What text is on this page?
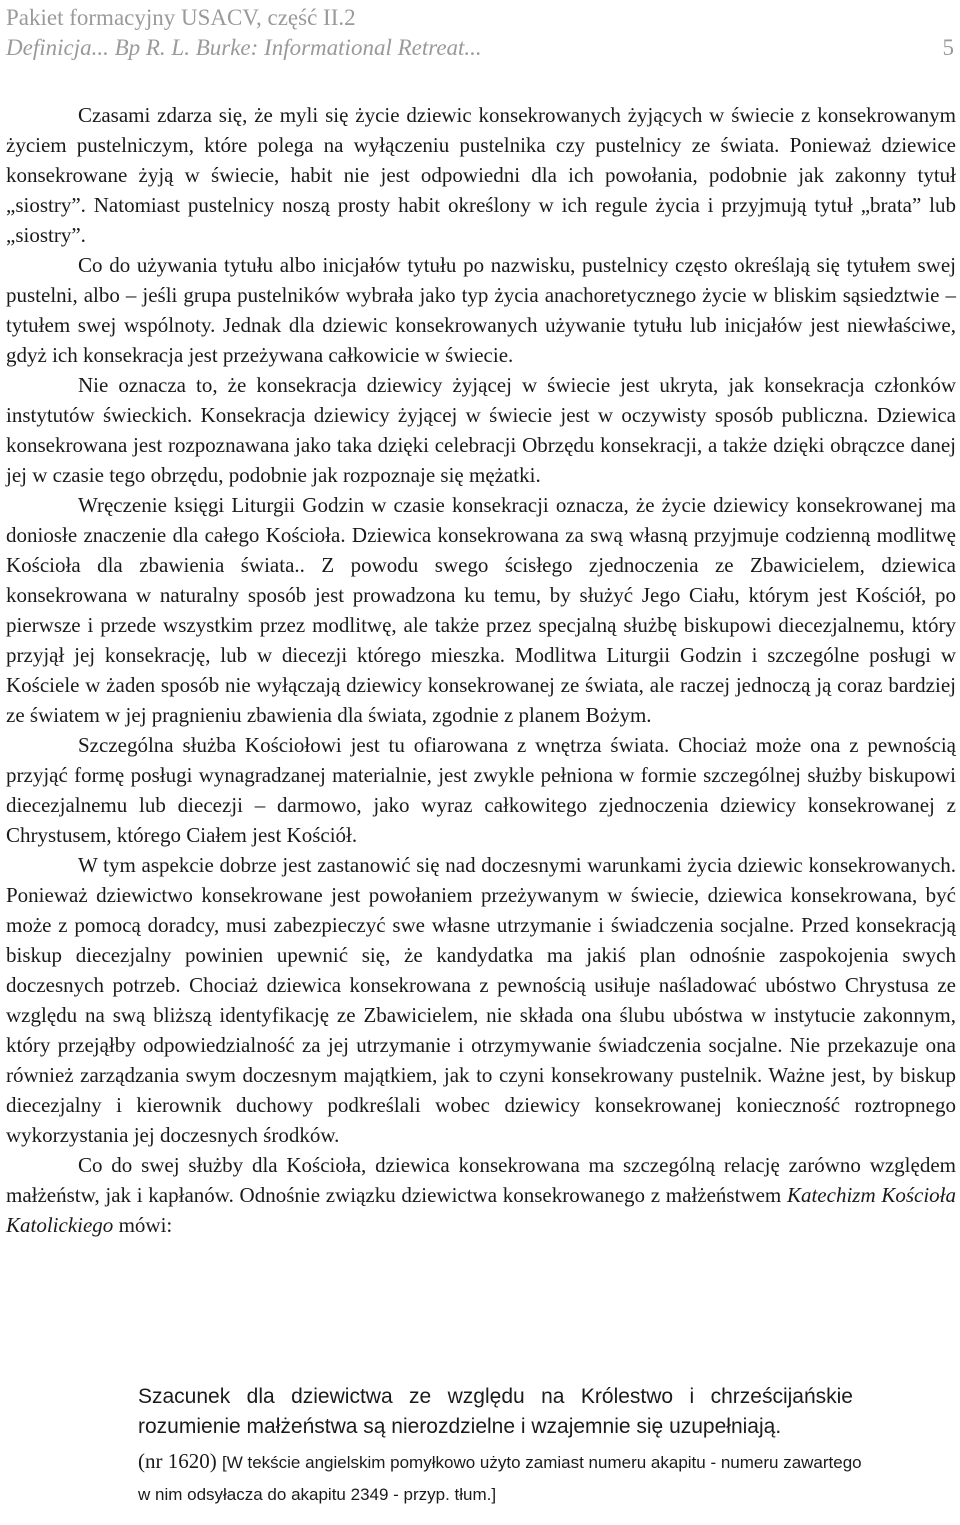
Pakiet formacyjny USACV, część II.2
Definicja... Bp R. L. Burke: Informational Retreat...	5

Czasami zdarza się, że myli się życie dziewic konsekrowanych żyjących w świecie z konsekrowanym życiem pustelniczym, które polega na wyłączeniu pustelnika czy pustelnicy ze świata. Ponieważ dziewice konsekrowane żyją w świecie, habit nie jest odpowiedni dla ich powołania, podobnie jak zakonny tytuł „siostry”. Natomiast pustelnicy noszą prosty habit określony w ich regule życia i przyjmują tytuł „brata” lub „siostry”.

Co do używania tytułu albo inicjałów tytułu po nazwisku, pustelnicy często określają się tytułem swej pustelni, albo – jeśli grupa pustelników wybrała jako typ życia anachoretycznego życie w bliskim sąsiedztwie – tytułem swej wspólnoty. Jednak dla dziewic konsekrowanych używanie tytułu lub inicjałów jest niewłaściwe, gdyż ich konsekracja jest przeżywana całkowicie w świecie.

Nie oznacza to, że konsekracja dziewicy żyjącej w świecie jest ukryta, jak konsekracja członków instytutów świeckich. Konsekracja dziewicy żyjącej w świecie jest w oczywisty sposób publiczna. Dziewica konsekrowana jest rozpoznawana jako taka dzięki celebracji Obrzędu konsekracji, a także dzięki obrączce danej jej w czasie tego obrzędu, podobnie jak rozpoznaje się mężatki.

Wręczenie księgi Liturgii Godzin w czasie konsekracji oznacza, że życie dziewicy konsekrowanej ma doniosłe znaczenie dla całego Kościoła. Dziewica konsekrowana za swą własną przyjmuje codzienną modlitwę Kościoła dla zbawienia świata.. Z powodu swego ścisłego zjednoczenia ze Zbawicielem, dziewica konsekrowana w naturalny sposób jest prowadzona ku temu, by służyć Jego Ciału, którym jest Kościół, po pierwsze i przede wszystkim przez modlitwę, ale także przez specjalną służbę biskupowi diecezjalnemu, który przyjął jej konsekrację, lub w diecezji którego mieszka. Modlitwa Liturgii Godzin i szczególne posługi w Kościele w żaden sposób nie wyłączają dziewicy konsekrowanej ze świata, ale raczej jednoczą ją coraz bardziej ze światem w jej pragnieniu zbawienia dla świata, zgodnie z planem Bożym.

Szczególna służba Kościołowi jest tu ofiarowana z wnętrza świata. Chociaż może ona z pewnością przyjąć formę posługi wynagradzanej materialnie, jest zwykle pełniona w formie szczególnej służby biskupowi diecezjalnemu lub diecezji – darmowo, jako wyraz całkowitego zjednoczenia dziewicy konsekrowanej z Chrystusem, którego Ciałem jest Kościół.

W tym aspekcie dobrze jest zastanowić się nad doczesnymi warunkami życia dziewic konsekrowanych. Ponieważ dziewictwo konsekrowane jest powołaniem przeżywanym w świecie, dziewica konsekrowana, być może z pomocą doradcy, musi zabezpieczyć swe własne utrzymanie i świadczenia socjalne. Przed konsekracją biskup diecezjalny powinien upewnić się, że kandydatka ma jakiś plan odnośnie zaspokojenia swych doczesnych potrzeb. Chociaż dziewica konsekrowana z pewnością usiłuje naśladować ubóstwo Chrystusa ze względu na swą bliższą identyfikację ze Zbawicielem, nie składa ona ślubu ubóstwa w instytucie zakonnym, który przejąłby odpowiedzialność za jej utrzymanie i otrzymywanie świadczenia socjalne. Nie przekazuje ona również zarządzania swym doczesnym majątkiem, jak to czyni konsekrowany pustelnik. Ważne jest, by biskup diecezjalny i kierownik duchowy podkreślali wobec dziewicy konsekrowanej konieczność roztropnego wykorzystania jej doczesnych środków.

Co do swej służby dla Kościoła, dziewica konsekrowana ma szczególną relację zarówno względem małżeństw, jak i kapłanów. Odnośnie związku dziewictwa konsekrowanego z małżeństwem Katechizm Kościoła Katolickiego mówi:

Szacunek dla dziewictwa ze względu na Królestwo i chrześcijańskie rozumienie małżeństwa są nierozdzielne i wzajemnie się uzupełniają.

(nr 1620) [W tekście angielskim pomyłkowo użyto zamiast numeru akapitu - numeru zawartego w nim odsyłacza do akapitu 2349 - przyp. tłum.]
